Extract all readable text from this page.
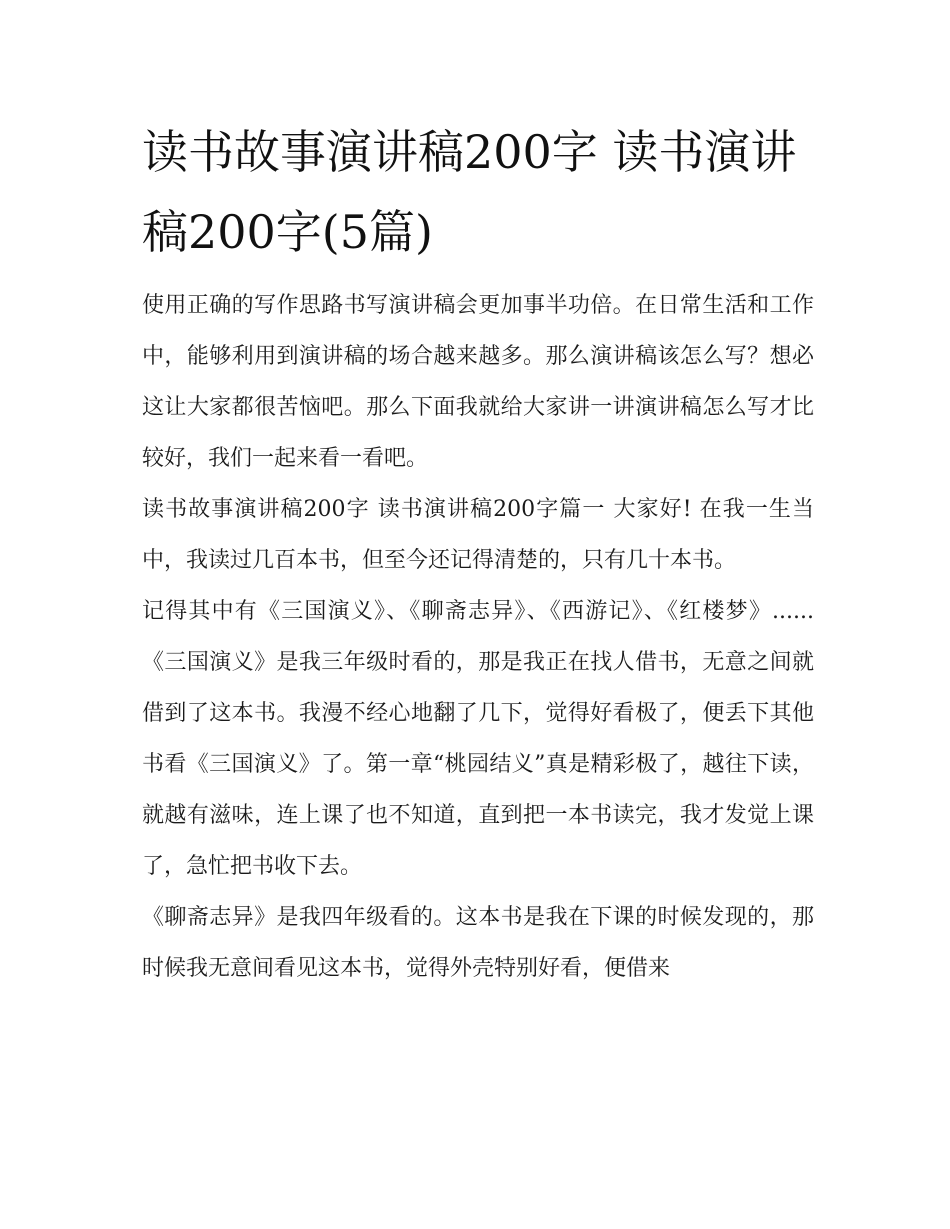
读书故事演讲稿200字 读书演讲稿200字(5篇)

使用正确的写作思路书写演讲稿会更加事半功倍。在日常生活和工作中，能够利用到演讲稿的场合越来越多。那么演讲稿该怎么写？想必这让大家都很苦恼吧。那么下面我就给大家讲一讲演讲稿怎么写才比较好，我们一起来看一看吧。

读书故事演讲稿200字 读书演讲稿200字篇一 大家好! 在我一生当中，我读过几百本书，但至今还记得清楚的，只有几十本书。

记得其中有《三国演义》、《聊斋志异》、《西游记》、《红楼梦》......《三国演义》是我三年级时看的，那是我正在找人借书，无意之间就借到了这本书。我漫不经心地翻了几下，觉得好看极了，便丢下其他书看《三国演义》了。第一章“桃园结义”真是精彩极了，越往下读，就越有滋味，连上课了也不知道，直到把一本书读完，我才发觉上课了，急忙把书收下去。

《聊斋志异》是我四年级看的。这本书是我在下课的时候发现的，那时候我无意间看见这本书，觉得外壳特别好看，便借来
